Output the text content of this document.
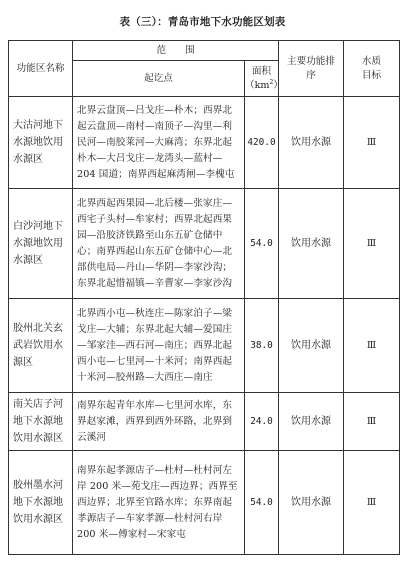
表（三）：青岛市地下水功能区划表
功能区名称	范　　围		主要功能排序	水质目标
	起讫点	面积
$(km^2)$		

大沽河地下水源地饮用水源区	北界云盘顶—吕戈庄—朴木；西界北起云盘顶—南村—南顶子—沟里—利民河—南胶莱河—大麻湾；东界北起朴木—大吕戈庄—龙湾头—蓝村—204 国道；南界西起麻湾闸—李槐屯	420.0	饮用水源	Ⅲ
白沙河地下水源地饮用水源区	北界西起西果园—北后楼—张家庄—西宅子头村—牟家村；西界北起西果园—沿胶济铁路至山东五矿仓储中心；南界西起山东五矿仓储中心—北部供电局—丹山—华阴—李家沙沟；东界北起惜福镇—辛曹家—李家沙沟	54.0	饮用水源	Ⅲ
胶州北关玄武岩饮用水源区	北界西小屯—秋连庄—陈家泊子—梁戈庄—大辅；东界北起大辅—爱国庄—邹家洼—西石河—南庄；西界北起西小屯—七里河—十米河；南界西起十米河—胶州路—大西庄—南庄	38.0	饮用水源	Ⅲ
南关店子河地下水源地饮用水源区	南界东起青年水库—七里河水库，东界赵家滩，西界到西外环路，北界到云溪河	24.0	饮用水源	Ⅲ
胶州墨水河地下水源地饮用水源区	南界东起孝源店子—杜村—杜村河左岸 200 米—苑戈庄—西边界；西界至西边界；北界至官路水库；东界南起孝源店子—车家孝源—杜村河右岸 200 米—傅家村—宋家屯	54.0	饮用水源	Ⅲ
